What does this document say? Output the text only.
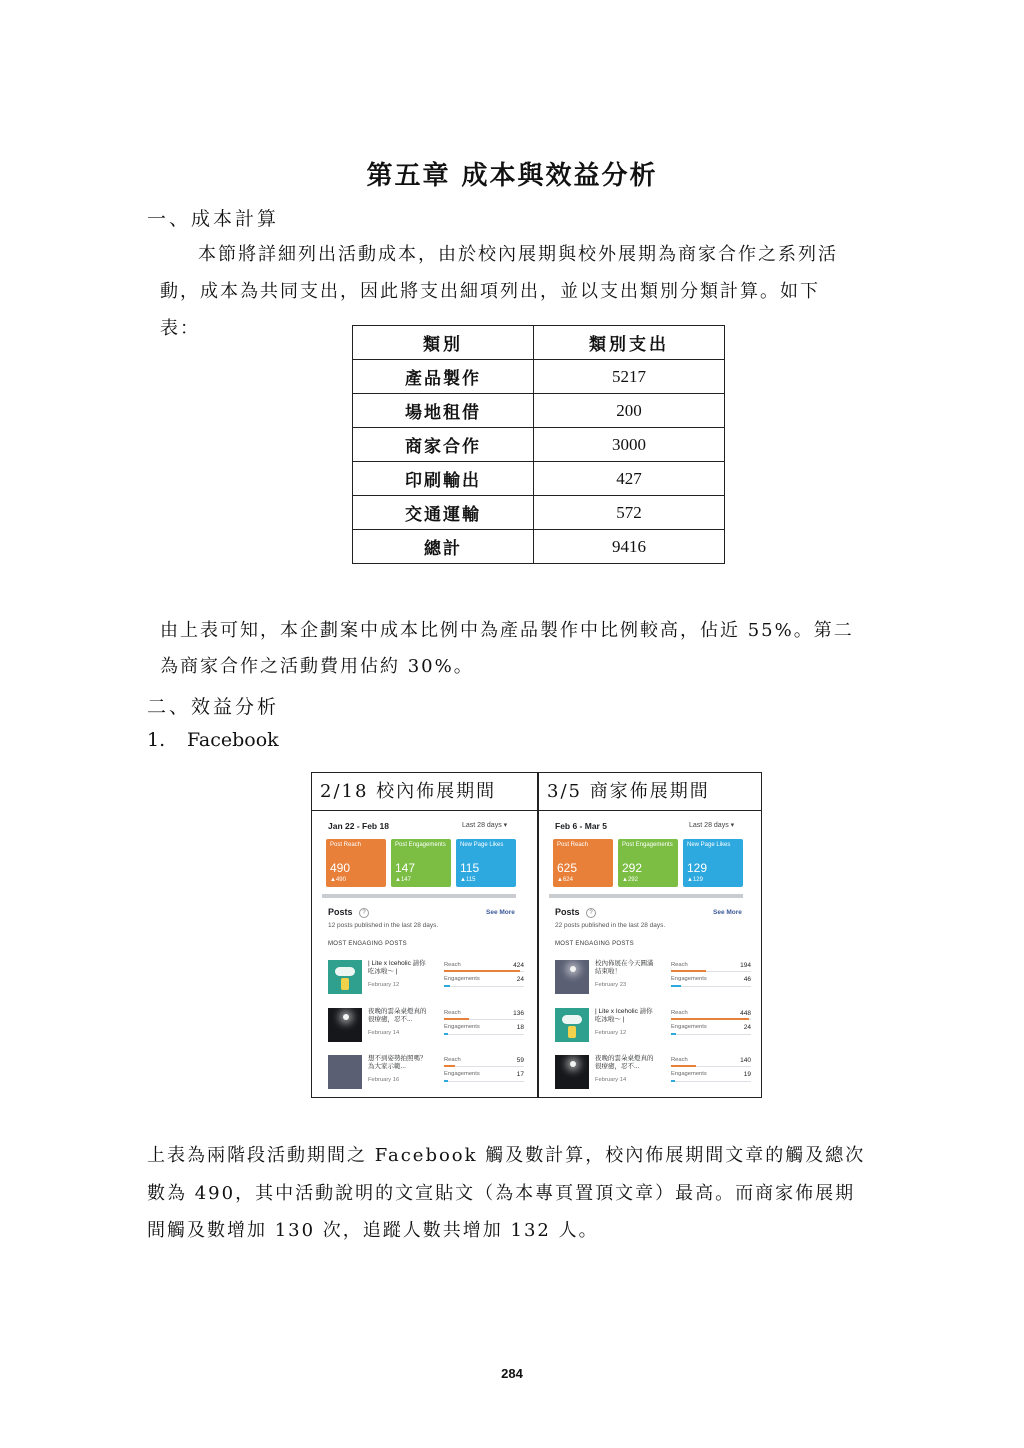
第五章 成本與效益分析
一、成本計算
本節將詳細列出活動成本，由於校內展期與校外展期為商家合作之系列活
動，成本為共同支出，因此將支出細項列出，並以支出類別分類計算。如下
表：
類別	類別支出
產品製作	5217
場地租借	200
商家合作	3000
印刷輸出	427
交通運輸	572
總計	9416
由上表可知，本企劃案中成本比例中為產品製作中比例較高，佔近 55%。第二
為商家合作之活動費用佔約 30%。
二、效益分析
1. Facebook
2/18 校內佈展期間	3/5 商家佈展期間
Jan 22 - Feb 18	Last 28 days ▾
Post Reach
490
▲490
Post Engagements
147
▲147
New Page Likes
115
▲115
Posts	?	See More
12 posts published in the last 28 days.
MOST ENGAGING POSTS
| Lite x Iceholic 請你吃冰啦～ |
February 12
Reach	424
Engagements	24
夜晚的雲朵桌燈真的很療癒，忍不...
February 14
Reach	136
Engagements	18
想不到姿勢拍照嗎？為大家示範...
February 16
Reach	59
Engagements	17
Feb 6 - Mar 5	Last 28 days ▾
Post Reach
625
▲624
Post Engagements
292
▲292
New Page Likes
129
▲129
Posts	?	See More
22 posts published in the last 28 days.
MOST ENGAGING POSTS
校內佈展在今天圓滿結束啦！
February 23
Reach	194
Engagements	46
| Lite x Iceholic 請你吃冰啦～ |
February 12
Reach	448
Engagements	24
夜晚的雲朵桌燈真的很療癒，忍不...
February 14
Reach	140
Engagements	19
上表為兩階段活動期間之 Facebook 觸及數計算，校內佈展期間文章的觸及總次
數為 490，其中活動說明的文宣貼文（為本專頁置頂文章）最高。而商家佈展期
間觸及數增加 130 次，追蹤人數共增加 132 人。
284
